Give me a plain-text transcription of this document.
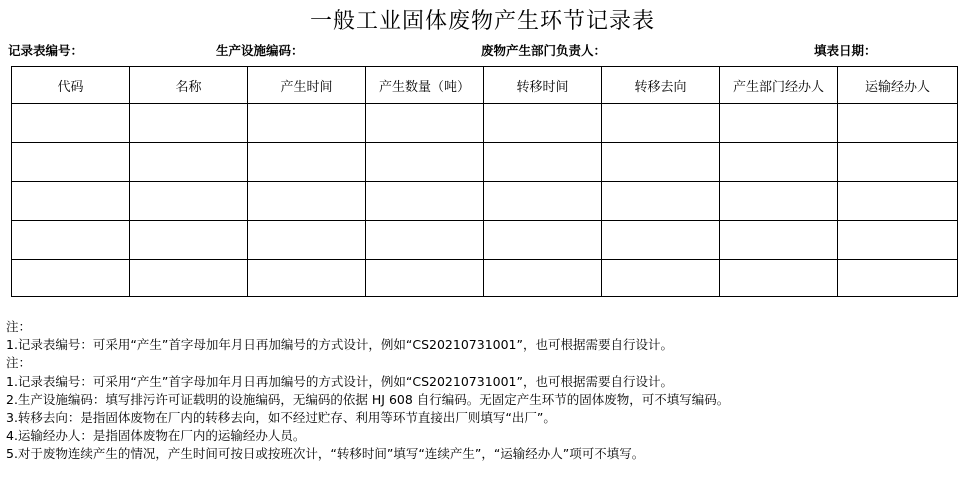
一般工业固体废物产生环节记录表
记录表编号：	生产设施编码：	废物产生部门负责人：	填表日期：
代码	名称	产生时间	产生数量（吨）	转移时间	转移去向	产生部门经办人	运输经办人

注：
1.记录表编号：可采用“产生”首字母加年月日再加编号的方式设计，例如“CS20210731001”，也可根据需要自行设计。
注：
1.记录表编号：可采用“产生”首字母加年月日再加编号的方式设计，例如“CS20210731001”，也可根据需要自行设计。
2.生产设施编码：填写排污许可证载明的设施编码，无编码的依据 HJ 608 自行编码。无固定产生环节的固体废物，可不填写编码。
3.转移去向：是指固体废物在厂内的转移去向，如不经过贮存、利用等环节直接出厂则填写“出厂”。
4.运输经办人：是指固体废物在厂内的运输经办人员。
5.对于废物连续产生的情况，产生时间可按日或按班次计，“转移时间”填写“连续产生”，“运输经办人”项可不填写。
